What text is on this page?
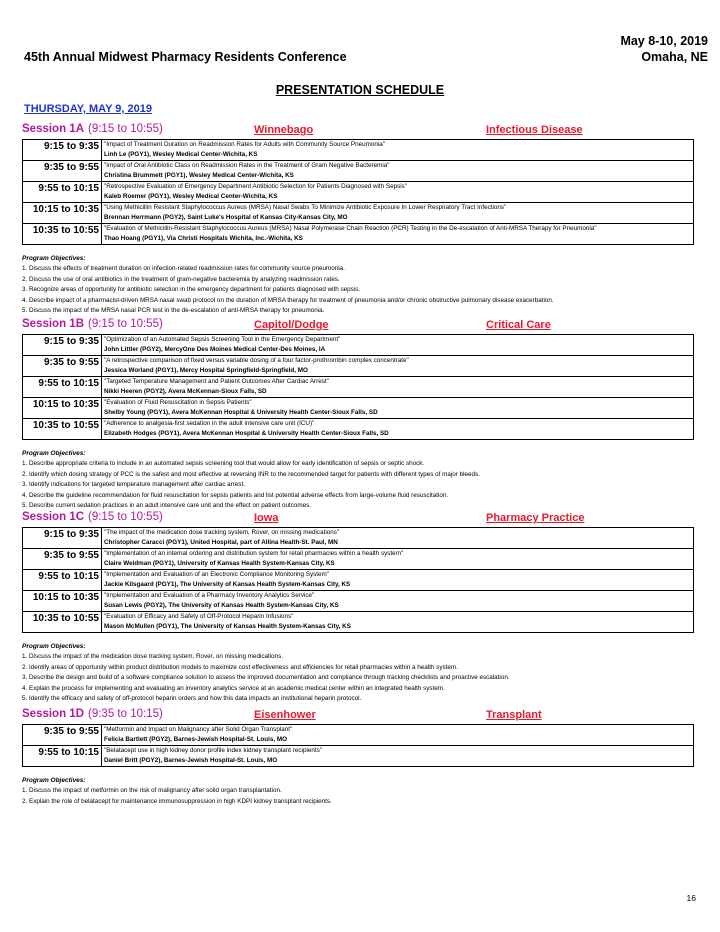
May 8-10, 2019
Omaha, NE
45th Annual Midwest Pharmacy Residents Conference
PRESENTATION SCHEDULE
THURSDAY, MAY 9, 2019
Session 1A (9:15 to 10:55)	Winnebago	Infectious Disease
9:15 to 9:35 "Impact of Treatment Duration on Readmission Rates for Adults with Community Source Pneumonia"
Linh Le (PGY1), Wesley Medical Center-Wichita, KS
9:35 to 9:55 "Impact of Oral Antibiotic Class on Readmission Rates in the Treatment of Gram Negative Bacteremia"
Christina Brummett (PGY1), Wesley Medical Center-Wichita, KS
9:55 to 10:15 "Retrospective Evaluation of Emergency Department Antibiotic Selection for Patients Diagnosed with Sepsis"
Kaleb Roemer (PGY1), Wesley Medical Center-Wichita, KS
10:15 to 10:35 "Using Methicillin Resistant Staphylococcus Aureus (MRSA) Nasal Swabs To Minimize Antibiotic Exposure In Lower Respiratory Tract Infections"
Brennan Herrmann (PGY2), Saint Luke's Hospital of Kansas City-Kansas City, MO
10:35 to 10:55 "Evaluation of Methicillin-Resistant Staphylococcus Aureus (MRSA) Nasal Polymerase Chain Reaction (PCR) Testing in the De-escalation of Anti-MRSA Therapy for Pneumonia"
Thao Hoang (PGY1), Via Christi Hospitals Wichita, Inc.-Wichita, KS
Program Objectives:
1. Discuss the effects of treatment duration on infection-related readmission rates for community source pneumonia.
2. Discuss the use of oral antibiotics in the treatment of gram-negative bacteremia by analyzing readmission rates.
3. Recognize areas of opportunity for antibiotic selection in the emergency department for patients diagnosed with sepsis.
4. Describe impact of a pharmacist-driven MRSA nasal swab protocol on the duration of MRSA therapy for treatment of pneumonia and/or chronic obstructive pulmonary disease exacerbation.
5. Discuss the impact of the MRSA nasal PCR test in the de-escalation of anti-MRSA therapy for pneumonia.
Session 1B (9:15 to 10:55)	Capitol/Dodge	Critical Care
9:15 to 9:35 "Optimization of an Automated Sepsis Screening Tool in the Emergency Department"
John Littler (PGY2), MercyOne Des Moines Medical Center-Des Moines, IA
9:35 to 9:55 "A retrospective comparison of fixed versus variable dosing of a four factor-prothrombin complex concentrate"
Jessica Worland (PGY1), Mercy Hospital Springfield-Springfield, MO
9:55 to 10:15 "Targeted Temperature Management and Patient Outcomes After Cardiac Arrest"
Nikki Heeren (PGY2), Avera McKennan-Sioux Falls, SD
10:15 to 10:35 "Evaluation of Fluid Resuscitation in Sepsis Patients"
Shelby Young (PGY1), Avera McKennan Hospital & University Health Center-Sioux Falls, SD
10:35 to 10:55 "Adherence to analgesia-first sedation in the adult intensive care unit (ICU)"
Elizabeth Hodges (PGY1), Avera McKennan Hospital & University Health Center-Sioux Falls, SD
Program Objectives:
1. Describe appropriate criteria to include in an automated sepsis screening tool that would allow for early identification of sepsis or septic shock.
2. Identify which dosing strategy of PCC is the safest and most effective at reversing INR to the recommended target for patients with different types of major bleeds.
3. Identify indications for targeted temperature management after cardiac arrest.
4. Describe the guideline recommendation for fluid resuscitation for sepsis patients and list potential adverse effects from large-volume fluid resuscitation.
5. Describe current sedation practices in an adult intensive care unit and the effect on patient outcomes.
Session 1C (9:15 to 10:55)	Iowa	Pharmacy Practice
9:15 to 9:35 "The impact of the medication dose tracking system, Rover, on missing medications"
Christopher Caracci (PGY1), United Hospital, part of Allina Health-St. Paul, MN
9:35 to 9:55 "Implementation of an internal ordering and distribution system for retail pharmacies within a health system"
Claire Weidman (PGY1), University of Kansas Health System-Kansas City, KS
9:55 to 10:15 "Implementation and Evaluation of an Electronic Compliance Monitoring System"
Jackie Kilsgaard (PGY1), The University of Kansas Health System-Kansas City, KS
10:15 to 10:35 "Implementation and Evaluation of a Pharmacy Inventory Analytics Service"
Susan Lewis (PGY2), The University of Kansas Health System-Kansas City, KS
10:35 to 10:55 "Evaluation of Efficacy and Safety of Off-Protocol Heparin Infusions"
Mason McMullen (PGY1), The University of Kansas Health System-Kansas City, KS
Program Objectives:
1. Discuss the impact of the medication dose tracking system, Rover, on missing medications.
2. Identify areas of opportunity within product distribution models to maximize cost effectiveness and efficiencies for retail pharmacies within a health system.
3. Describe the design and build of a software compliance solution to assess the improved documentation and compliance through tracking checklists and proactive escalation.
4. Explain the process for implementing and evaluating an inventory analytics service at an academic medical center within an integrated health system.
5. Identify the efficacy and safety of off-protocol heparin orders and how this data impacts an institutional heparin protocol.
Session 1D (9:35 to 10:15)	Eisenhower	Transplant
9:35 to 9:55 "Metformin and Impact on Malignancy after Solid Organ Transplant"
Felicia Bartlett (PGY2), Barnes-Jewish Hospital-St. Louis, MO
9:55 to 10:15 "Belatacept use in high kidney donor profile index kidney transplant recipients"
Daniel Britt (PGY2), Barnes-Jewish Hospital-St. Louis, MO
Program Objectives:
1. Discuss the impact of metformin on the risk of malignancy after solid organ transplantation.
2. Explain the role of belatacept for maintenance immunosuppression in high KDPI kidney transplant recipients.
16
